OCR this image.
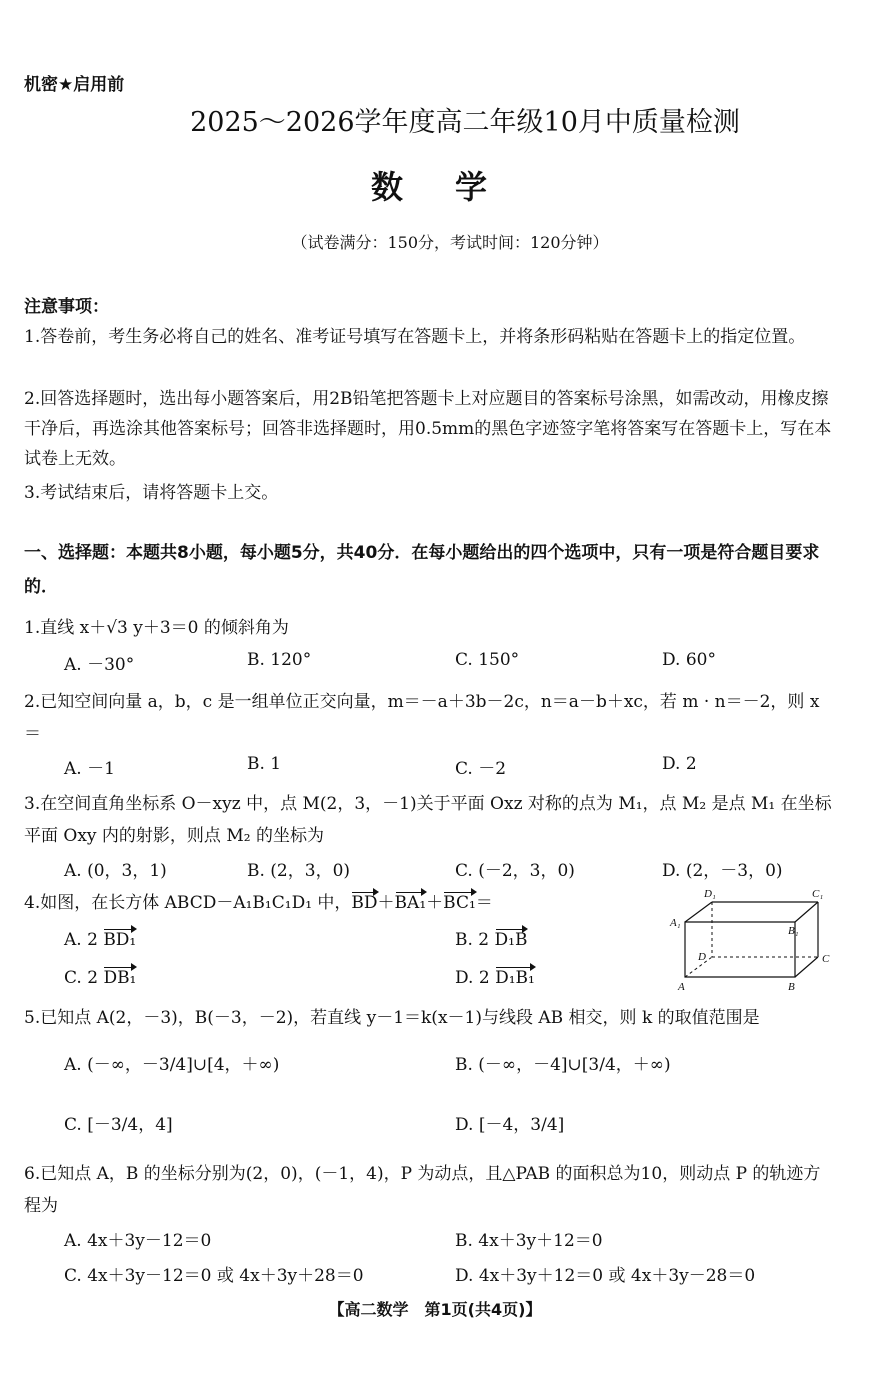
机密★启用前
2025～2026学年度高二年级10月中质量检测
数学
（试卷满分：150分，考试时间：120分钟）
注意事项：
1.答卷前，考生务必将自己的姓名、准考证号填写在答题卡上，并将条形码粘贴在答题卡上的指定位置。
2.回答选择题时，选出每小题答案后，用2B铅笔把答题卡上对应题目的答案标号涂黑，如需改动，用橡皮擦干净后，再选涂其他答案标号；回答非选择题时，用0.5mm的黑色字迹签字笔将答案写在答题卡上，写在本试卷上无效。
3.考试结束后，请将答题卡上交。
一、选择题：本题共8小题，每小题5分，共40分．在每小题给出的四个选项中，只有一项是符合题目要求的．
1.直线 x＋√3 y＋3＝0 的倾斜角为
A. －30°	B. 120°	C. 150°	D. 60°
2.已知空间向量 a，b，c 是一组单位正交向量，m＝－a＋3b－2c，n＝a－b＋xc，若 m · n＝－2，则 x＝
A. －1	B. 1	C. －2	D. 2
3.在空间直角坐标系 O－xyz 中，点 M(2，3，－1)关于平面 Oxz 对称的点为 M₁，点 M₂ 是点 M₁ 在坐标平面 Oxy 内的射影，则点 M₂ 的坐标为
A. (0，3，1)	B. (2，3，0)	C. (－2，3，0)	D. (2，－3，0)
4.如图，在长方体 ABCD－A₁B₁C₁D₁ 中，BD＋BA₁＋BC₁＝
A. 2 BD₁	B. 2 D₁B
C. 2 DB₁	D. 2 D₁B₁
D₁	C₁
A₁
B₁
D	C
A	B
5.已知点 A(2，－3)，B(－3，－2)，若直线 y－1＝k(x－1)与线段 AB 相交，则 k 的取值范围是
A. (－∞，－3/4]∪[4，＋∞)	B. (－∞，－4]∪[3/4，＋∞)
C. [－3/4，4]	D. [－4，3/4]
6.已知点 A，B 的坐标分别为(2，0)，(－1，4)，P 为动点，且△PAB 的面积总为10，则动点 P 的轨迹方程为
A. 4x＋3y－12＝0	B. 4x＋3y＋12＝0
C. 4x＋3y－12＝0 或 4x＋3y＋28＝0	D. 4x＋3y＋12＝0 或 4x＋3y－28＝0
【高二数学　第1页(共4页)】
